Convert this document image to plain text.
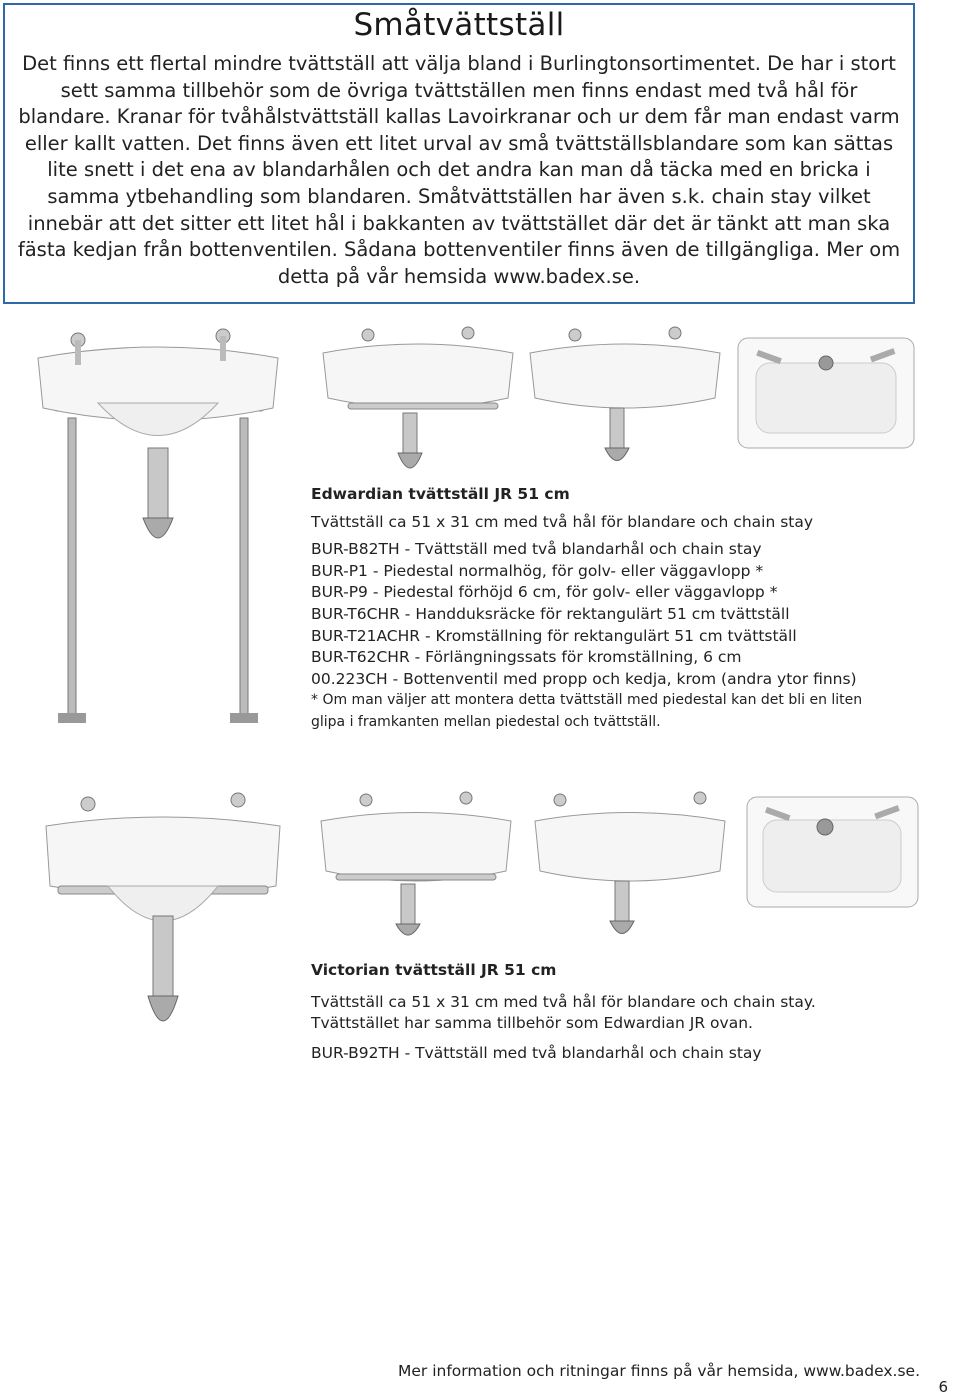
Småtvättställ
Det finns ett flertal mindre tvättställ att välja bland i Burlingtonsortimentet. De har i stort sett samma tillbehör som de övriga tvättställen men finns endast med två hål för blandare. Kranar för tvåhålstvättställ kallas Lavoirkranar och ur dem får man endast varm eller kallt vatten. Det finns även ett litet urval av små tvättställsblandare som kan sättas lite snett i det ena av blandarhålen och det andra kan man då täcka med en bricka i samma ytbehandling som blandaren. Småtvättställen har även s.k. chain stay vilket innebär att det sitter ett litet hål i bakkanten av tvättstället där det är tänkt att man ska fästa kedjan från bottenventilen. Sådana bottenventiler finns även de tillgängliga. Mer om detta på vår hemsida www.badex.se.
Edwardian tvättställ JR 51 cm
Tvättställ ca 51 x 31 cm med två hål för blandare och chain stay
BUR-B82TH - Tvättställ med två blandarhål och chain stay
BUR-P1 - Piedestal normalhög, för golv- eller väggavlopp *
BUR-P9 - Piedestal förhöjd 6 cm, för golv- eller väggavlopp *
BUR-T6CHR - Handduksräcke för rektangulärt 51 cm tvättställ
BUR-T21ACHR - Kromställning för rektangulärt 51 cm tvättställ
BUR-T62CHR - Förlängningssats för kromställning, 6 cm
00.223CH - Bottenventil med propp och kedja, krom (andra ytor finns)
* Om man väljer att montera detta tvättställ med piedestal kan det bli en liten glipa i framkanten mellan piedestal och tvättställ.
Victorian tvättställ JR 51 cm
Tvättställ ca 51 x 31 cm med två hål för blandare och chain stay.
Tvättstället har samma tillbehör som Edwardian JR ovan.
BUR-B92TH - Tvättställ med två blandarhål och chain stay
Mer information och ritningar finns på vår hemsida, www.badex.se.
6
